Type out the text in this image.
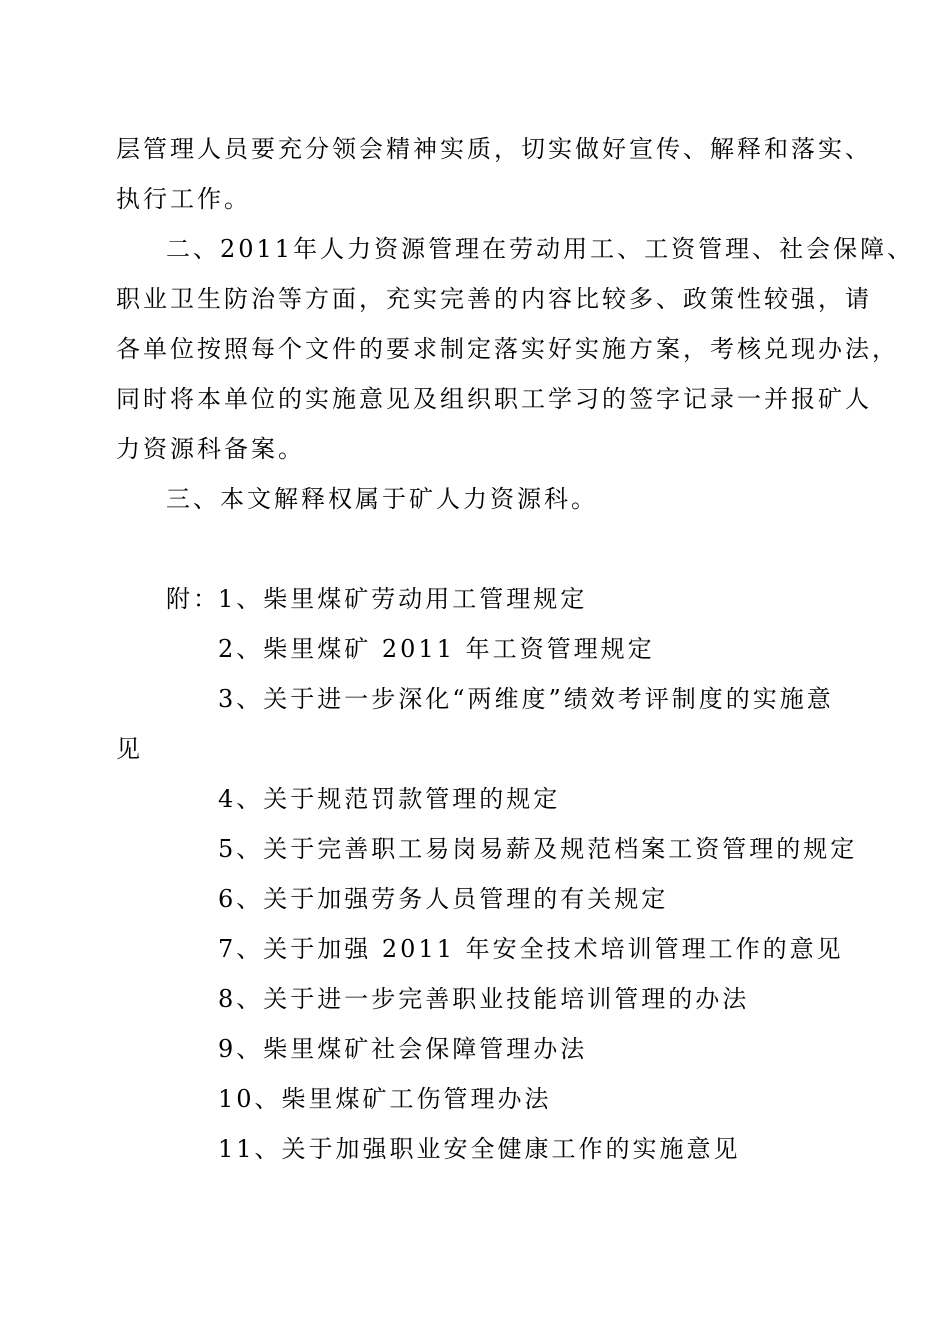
层管理人员要充分领会精神实质，切实做好宣传、解释和落实、
执行工作。
二、2011年人力资源管理在劳动用工、工资管理、社会保障、
职业卫生防治等方面，充实完善的内容比较多、政策性较强，请
各单位按照每个文件的要求制定落实好实施方案，考核兑现办法，
同时将本单位的实施意见及组织职工学习的签字记录一并报矿人
力资源科备案。
三、本文解释权属于矿人力资源科。
附：
1、柴里煤矿劳动用工管理规定
2、柴里煤矿 2011 年工资管理规定
3、关于进一步深化“两维度”绩效考评制度的实施意
见
4、关于规范罚款管理的规定
5、关于完善职工易岗易薪及规范档案工资管理的规定
6、关于加强劳务人员管理的有关规定
7、关于加强 2011 年安全技术培训管理工作的意见
8、关于进一步完善职业技能培训管理的办法
9、柴里煤矿社会保障管理办法
10、柴里煤矿工伤管理办法
11、关于加强职业安全健康工作的实施意见
